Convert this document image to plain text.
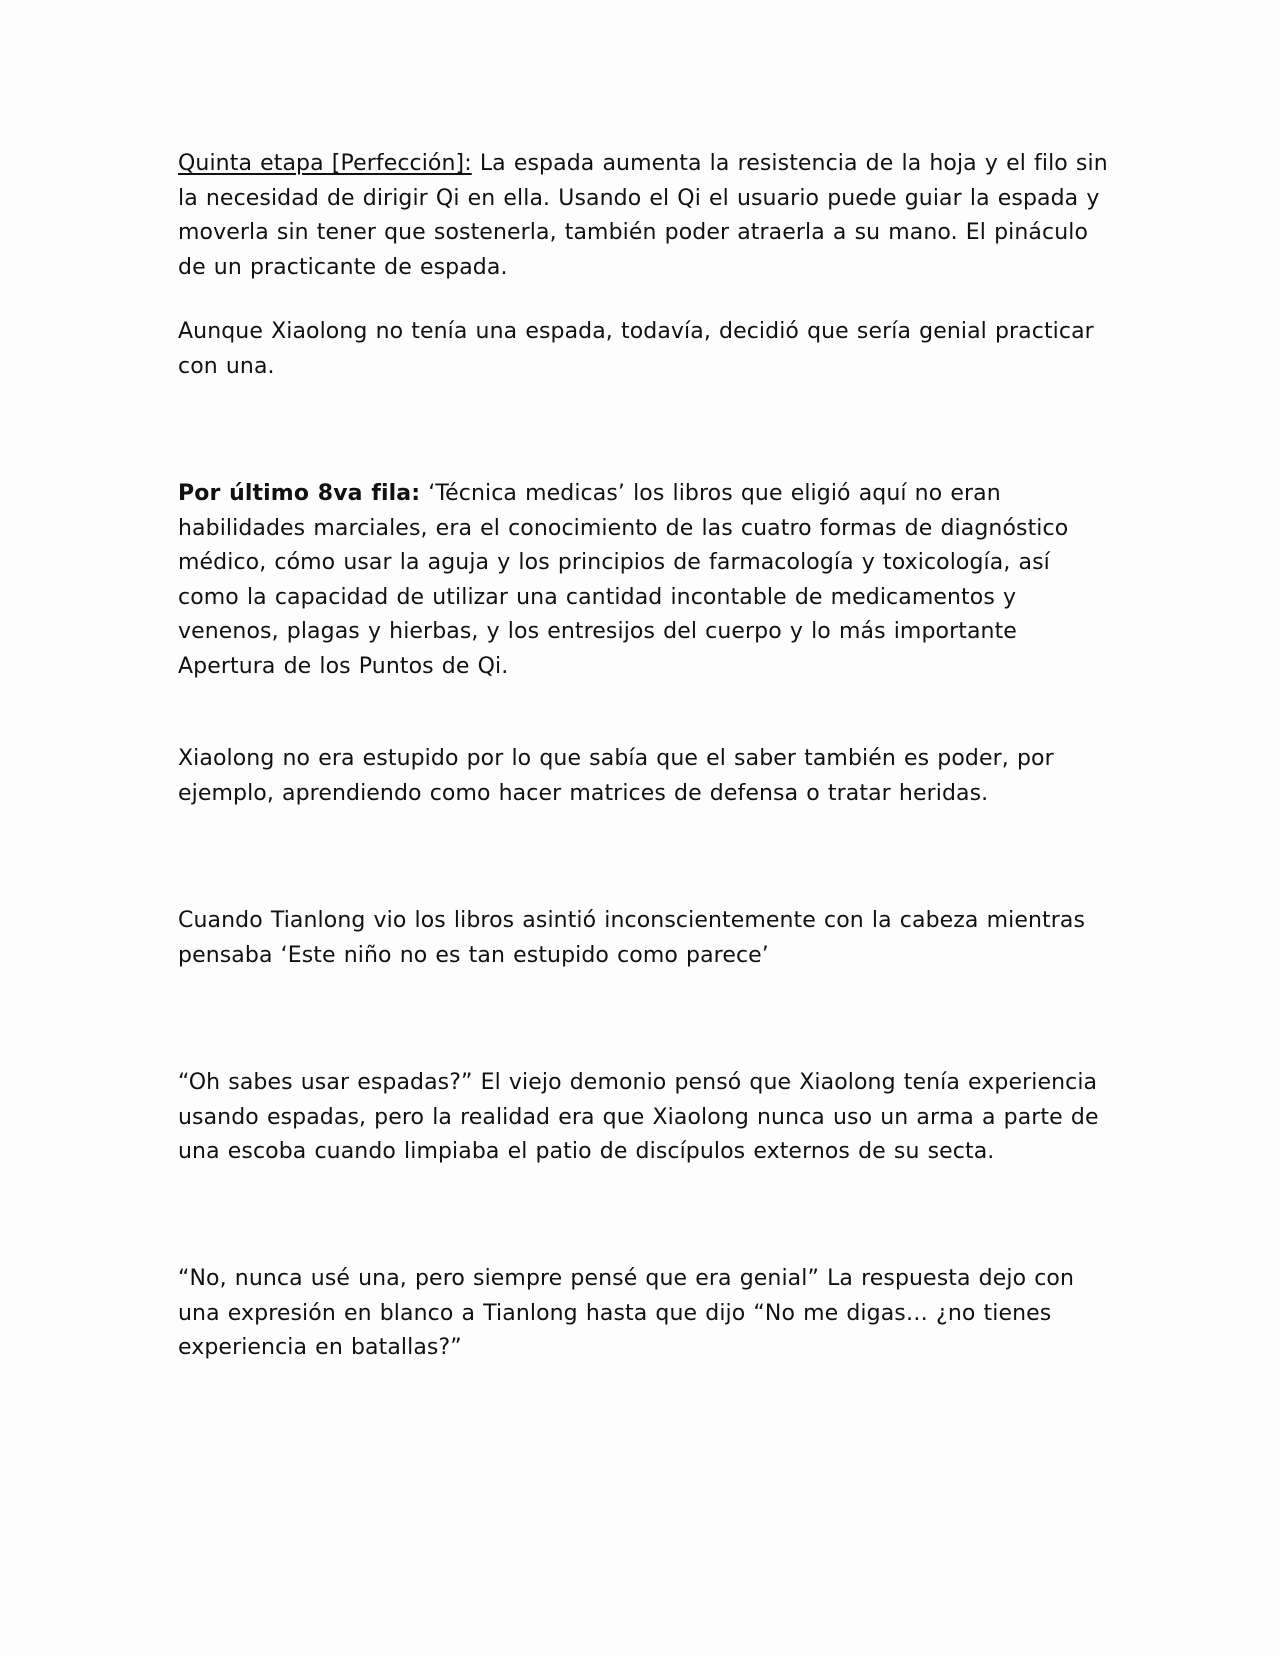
Quinta etapa [Perfección]: La espada aumenta la resistencia de la hoja y el filo sin la necesidad de dirigir Qi en ella. Usando el Qi el usuario puede guiar la espada y moverla sin tener que sostenerla, también poder atraerla a su mano. El pináculo de un practicante de espada.

Aunque Xiaolong no tenía una espada, todavía, decidió que sería genial practicar con una.

Por último 8va fila: ‘Técnica medicas’ los libros que eligió aquí no eran habilidades marciales, era el conocimiento de las cuatro formas de diagnóstico médico, cómo usar la aguja y los principios de farmacología y toxicología, así como la capacidad de utilizar una cantidad incontable de medicamentos y venenos, plagas y hierbas, y los entresijos del cuerpo y lo más importante Apertura de los Puntos de Qi.

Xiaolong no era estupido por lo que sabía que el saber también es poder, por ejemplo, aprendiendo como hacer matrices de defensa o tratar heridas.

Cuando Tianlong vio los libros asintió inconscientemente con la cabeza mientras pensaba ‘Este niño no es tan estupido como parece’

“Oh sabes usar espadas?” El viejo demonio pensó que Xiaolong tenía experiencia usando espadas, pero la realidad era que Xiaolong nunca uso un arma a parte de una escoba cuando limpiaba el patio de discípulos externos de su secta.

“No, nunca usé una, pero siempre pensé que era genial” La respuesta dejo con una expresión en blanco a Tianlong hasta que dijo “No me digas… ¿no tienes experiencia en batallas?”
